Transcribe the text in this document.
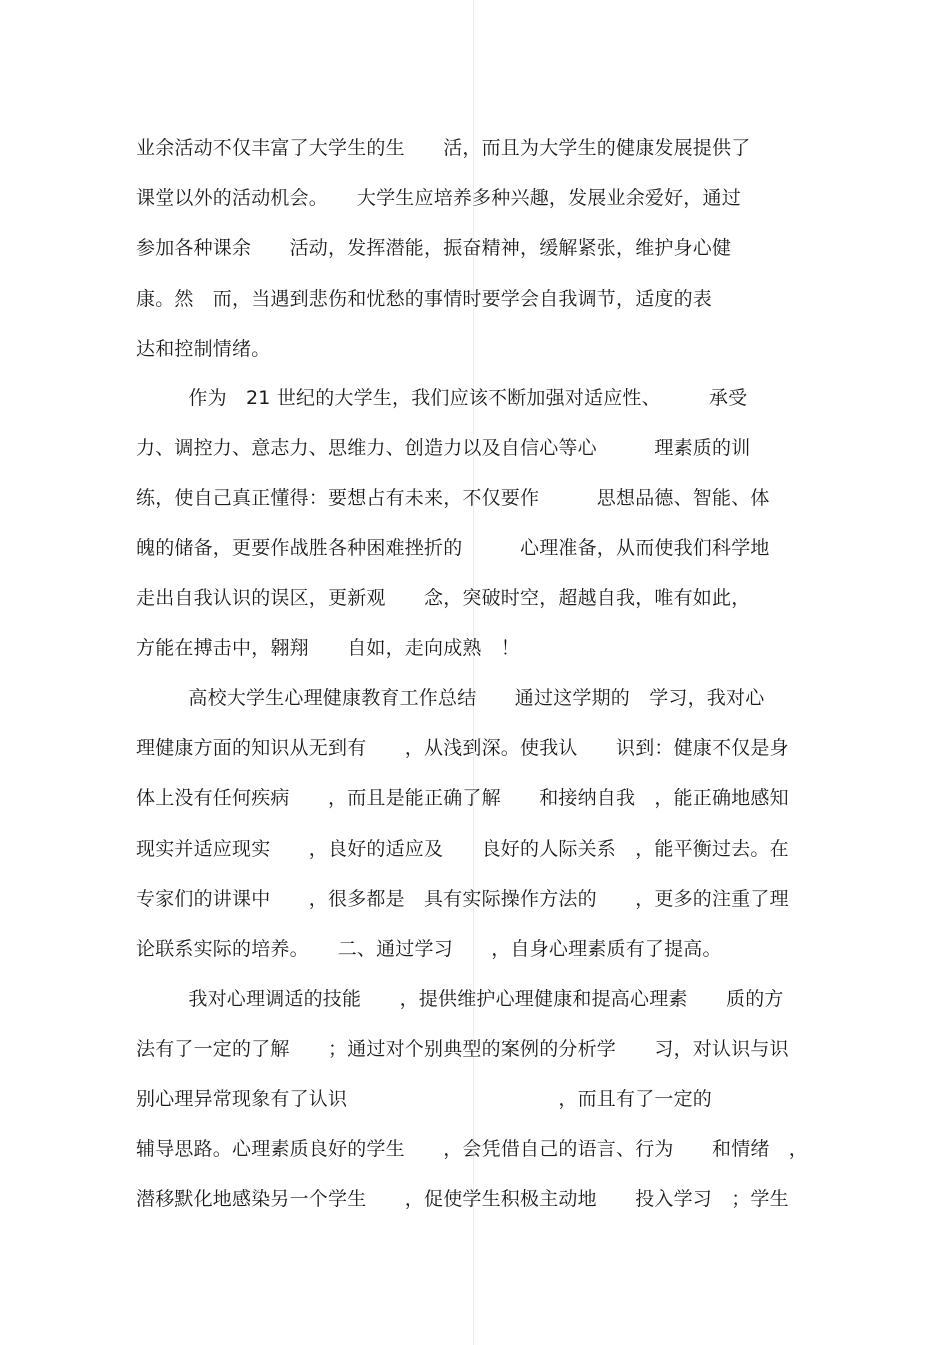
业余活动不仅丰富了大学生的生　　活，而且为大学生的健康发展提供了
课堂以外的活动机会。　　大学生应培养多种兴趣，发展业余爱好，通过
参加各种课余　　活动，发挥潜能，振奋精神，缓解紧张，维护身心健
康。然　而，当遇到悲伤和忧愁的事情时要学会自我调节，适度的表
达和控制情绪。
　　作为　21 世纪的大学生，我们应该不断加强对适应性、　　　承受
力、调控力、意志力、思维力、创造力以及自信心等心　　　理素质的训
练，使自己真正懂得：要想占有未来，不仅要作　　　思想品德、智能、体
魄的储备，更要作战胜各种困难挫折的　　　心理准备，从而使我们科学地
走出自我认识的误区，更新观　　念，突破时空，超越自我，唯有如此，
方能在搏击中，翱翔　　自如，走向成熟　！
　　高校大学生心理健康教育工作总结　　通过这学期的　学习，我对心
理健康方面的知识从无到有　　，从浅到深。使我认　　识到：健康不仅是身
体上没有任何疾病　　，而且是能正确了解　　和接纳自我　，能正确地感知
现实并适应现实　　，良好的适应及　　良好的人际关系　，能平衡过去。在
专家们的讲课中　　，很多都是　具有实际操作方法的　　，更多的注重了理
论联系实际的培养。　　二、通过学习　　，自身心理素质有了提高。
　　我对心理调适的技能　　，提供维护心理健康和提高心理素　　质的方
法有了一定的了解　　；通过对个别典型的案例的分析学　　习，对认识与识
别心理异常现象有了认识　　　　　　　　　　　，而且有了一定的
辅导思路。心理素质良好的学生　　，会凭借自己的语言、行为　　和情绪　，
潜移默化地感染另一个学生　　，促使学生积极主动地　　投入学习　；学生
